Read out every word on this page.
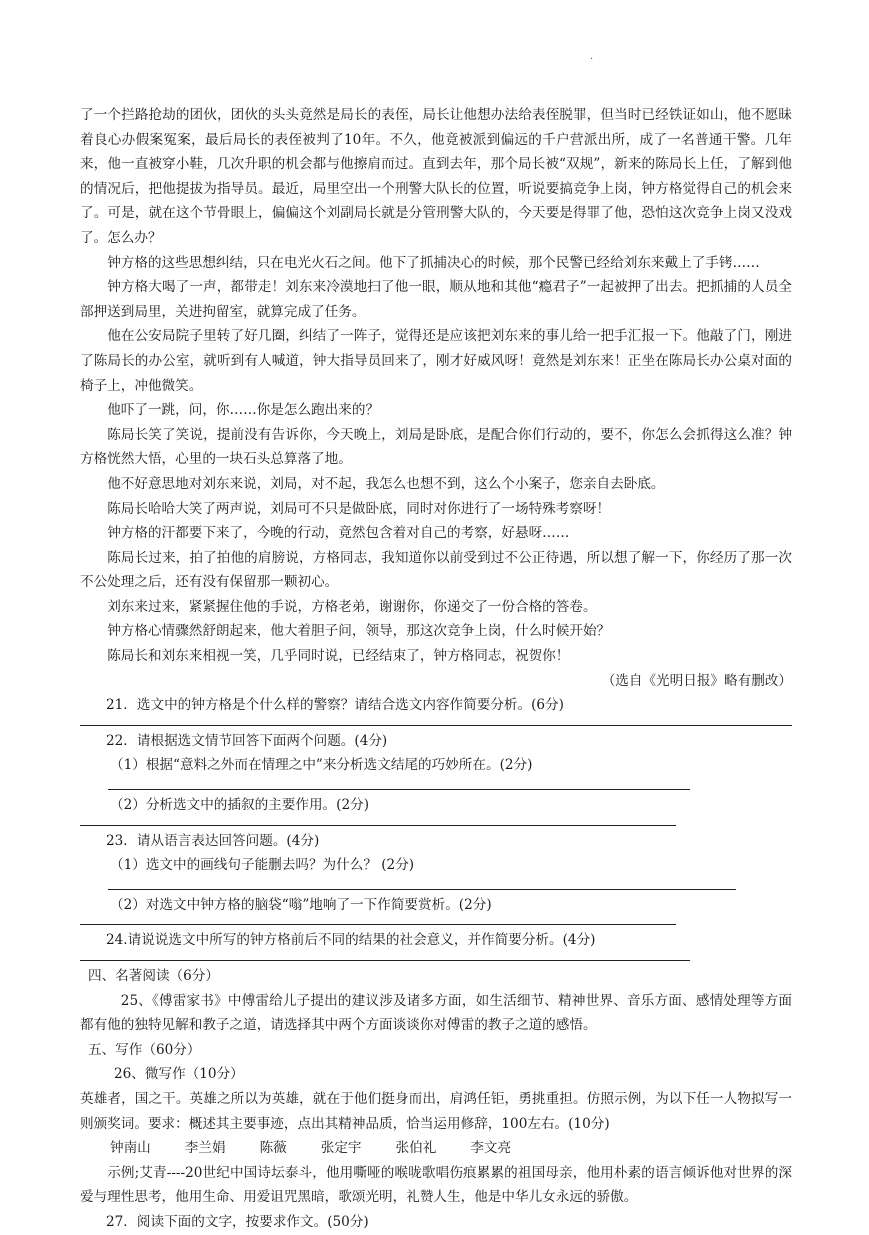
·

了一个拦路抢劫的团伙，团伙的头头竟然是局长的表侄，局长让他想办法给表侄脱罪，但当时已经铁证如山，他不愿昧着良心办假案冤案，最后局长的表侄被判了10年。不久，他竟被派到偏远的千户营派出所，成了一名普通干警。几年来，他一直被穿小鞋，几次升职的机会都与他擦肩而过。直到去年，那个局长被“双规”，新来的陈局长上任，了解到他的情况后，把他提拔为指导员。最近，局里空出一个刑警大队长的位置，听说要搞竞争上岗，钟方格觉得自己的机会来了。可是，就在这个节骨眼上，偏偏这个刘副局长就是分管刑警大队的，今天要是得罪了他，恐怕这次竞争上岗又没戏了。怎么办？

钟方格的这些思想纠结，只在电光火石之间。他下了抓捕决心的时候，那个民警已经给刘东来戴上了手铐……

钟方格大喝了一声，都带走！刘东来冷漠地扫了他一眼，顺从地和其他“瘾君子”一起被押了出去。把抓捕的人员全部押送到局里，关进拘留室，就算完成了任务。

他在公安局院子里转了好几圈，纠结了一阵子，觉得还是应该把刘东来的事儿给一把手汇报一下。他敲了门，刚进了陈局长的办公室，就听到有人喊道，钟大指导员回来了，刚才好威风呀！竟然是刘东来！正坐在陈局长办公桌对面的椅子上，冲他微笑。

他吓了一跳，问，你……你是怎么跑出来的？

陈局长笑了笑说，提前没有告诉你，今天晚上，刘局是卧底，是配合你们行动的，要不，你怎么会抓得这么准？钟方格恍然大悟，心里的一块石头总算落了地。

他不好意思地对刘东来说，刘局，对不起，我怎么也想不到，这么个小案子，您亲自去卧底。

陈局长哈哈大笑了两声说，刘局可不只是做卧底，同时对你进行了一场特殊考察呀！

钟方格的汗都要下来了，今晚的行动，竟然包含着对自己的考察，好悬呀……

陈局长过来，拍了拍他的肩膀说，方格同志，我知道你以前受到过不公正待遇，所以想了解一下，你经历了那一次不公处理之后，还有没有保留那一颗初心。

刘东来过来，紧紧握住他的手说，方格老弟，谢谢你，你递交了一份合格的答卷。

钟方格心情骤然舒朗起来，他大着胆子问，领导，那这次竞争上岗，什么时候开始？

陈局长和刘东来相视一笑，几乎同时说，已经结束了，钟方格同志，祝贺你！

（选自《光明日报》略有删改）

21．选文中的钟方格是个什么样的警察？请结合选文内容作简要分析。(6分)

22．请根据选文情节回答下面两个问题。(4分)

（1）根据“意料之外而在情理之中”来分析选文结尾的巧妙所在。(2分)

（2）分析选文中的插叙的主要作用。(2分)

23．请从语言表达回答问题。(4分)

（1）选文中的画线句子能删去吗？为什么？ (2分)

（2）对选文中钟方格的脑袋“嗡”地响了一下作简要赏析。(2分)

24.请说说选文中所写的钟方格前后不同的结果的社会意义，并作简要分析。(4分)

四、名著阅读（6分）

25、《傅雷家书》中傅雷给儿子提出的建议涉及诸多方面，如生活细节、精神世界、音乐方面、感情处理等方面都有他的独特见解和教子之道，请选择其中两个方面谈谈你对傅雷的教子之道的感悟。

五、写作（60分）

26、微写作（10分）

英雄者，国之干。英雄之所以为英雄，就在于他们挺身而出，肩鸿任钜，勇挑重担。仿照示例，为以下任一人物拟写一则颁奖词。要求：概述其主要事迹，点出其精神品质，恰当运用修辞，100左右。(10分)

钟南山	李兰娟	陈薇	张定宇	张伯礼	李文亮

示例;艾青----20世纪中国诗坛泰斗，他用嘶哑的喉咙歌唱伤痕累累的祖国母亲，他用朴素的语言倾诉他对世界的深爱与理性思考，他用生命、用爱诅咒黑暗，歌颂光明，礼赞人生，他是中华儿女永远的骄傲。

27．阅读下面的文字，按要求作文。(50分)
